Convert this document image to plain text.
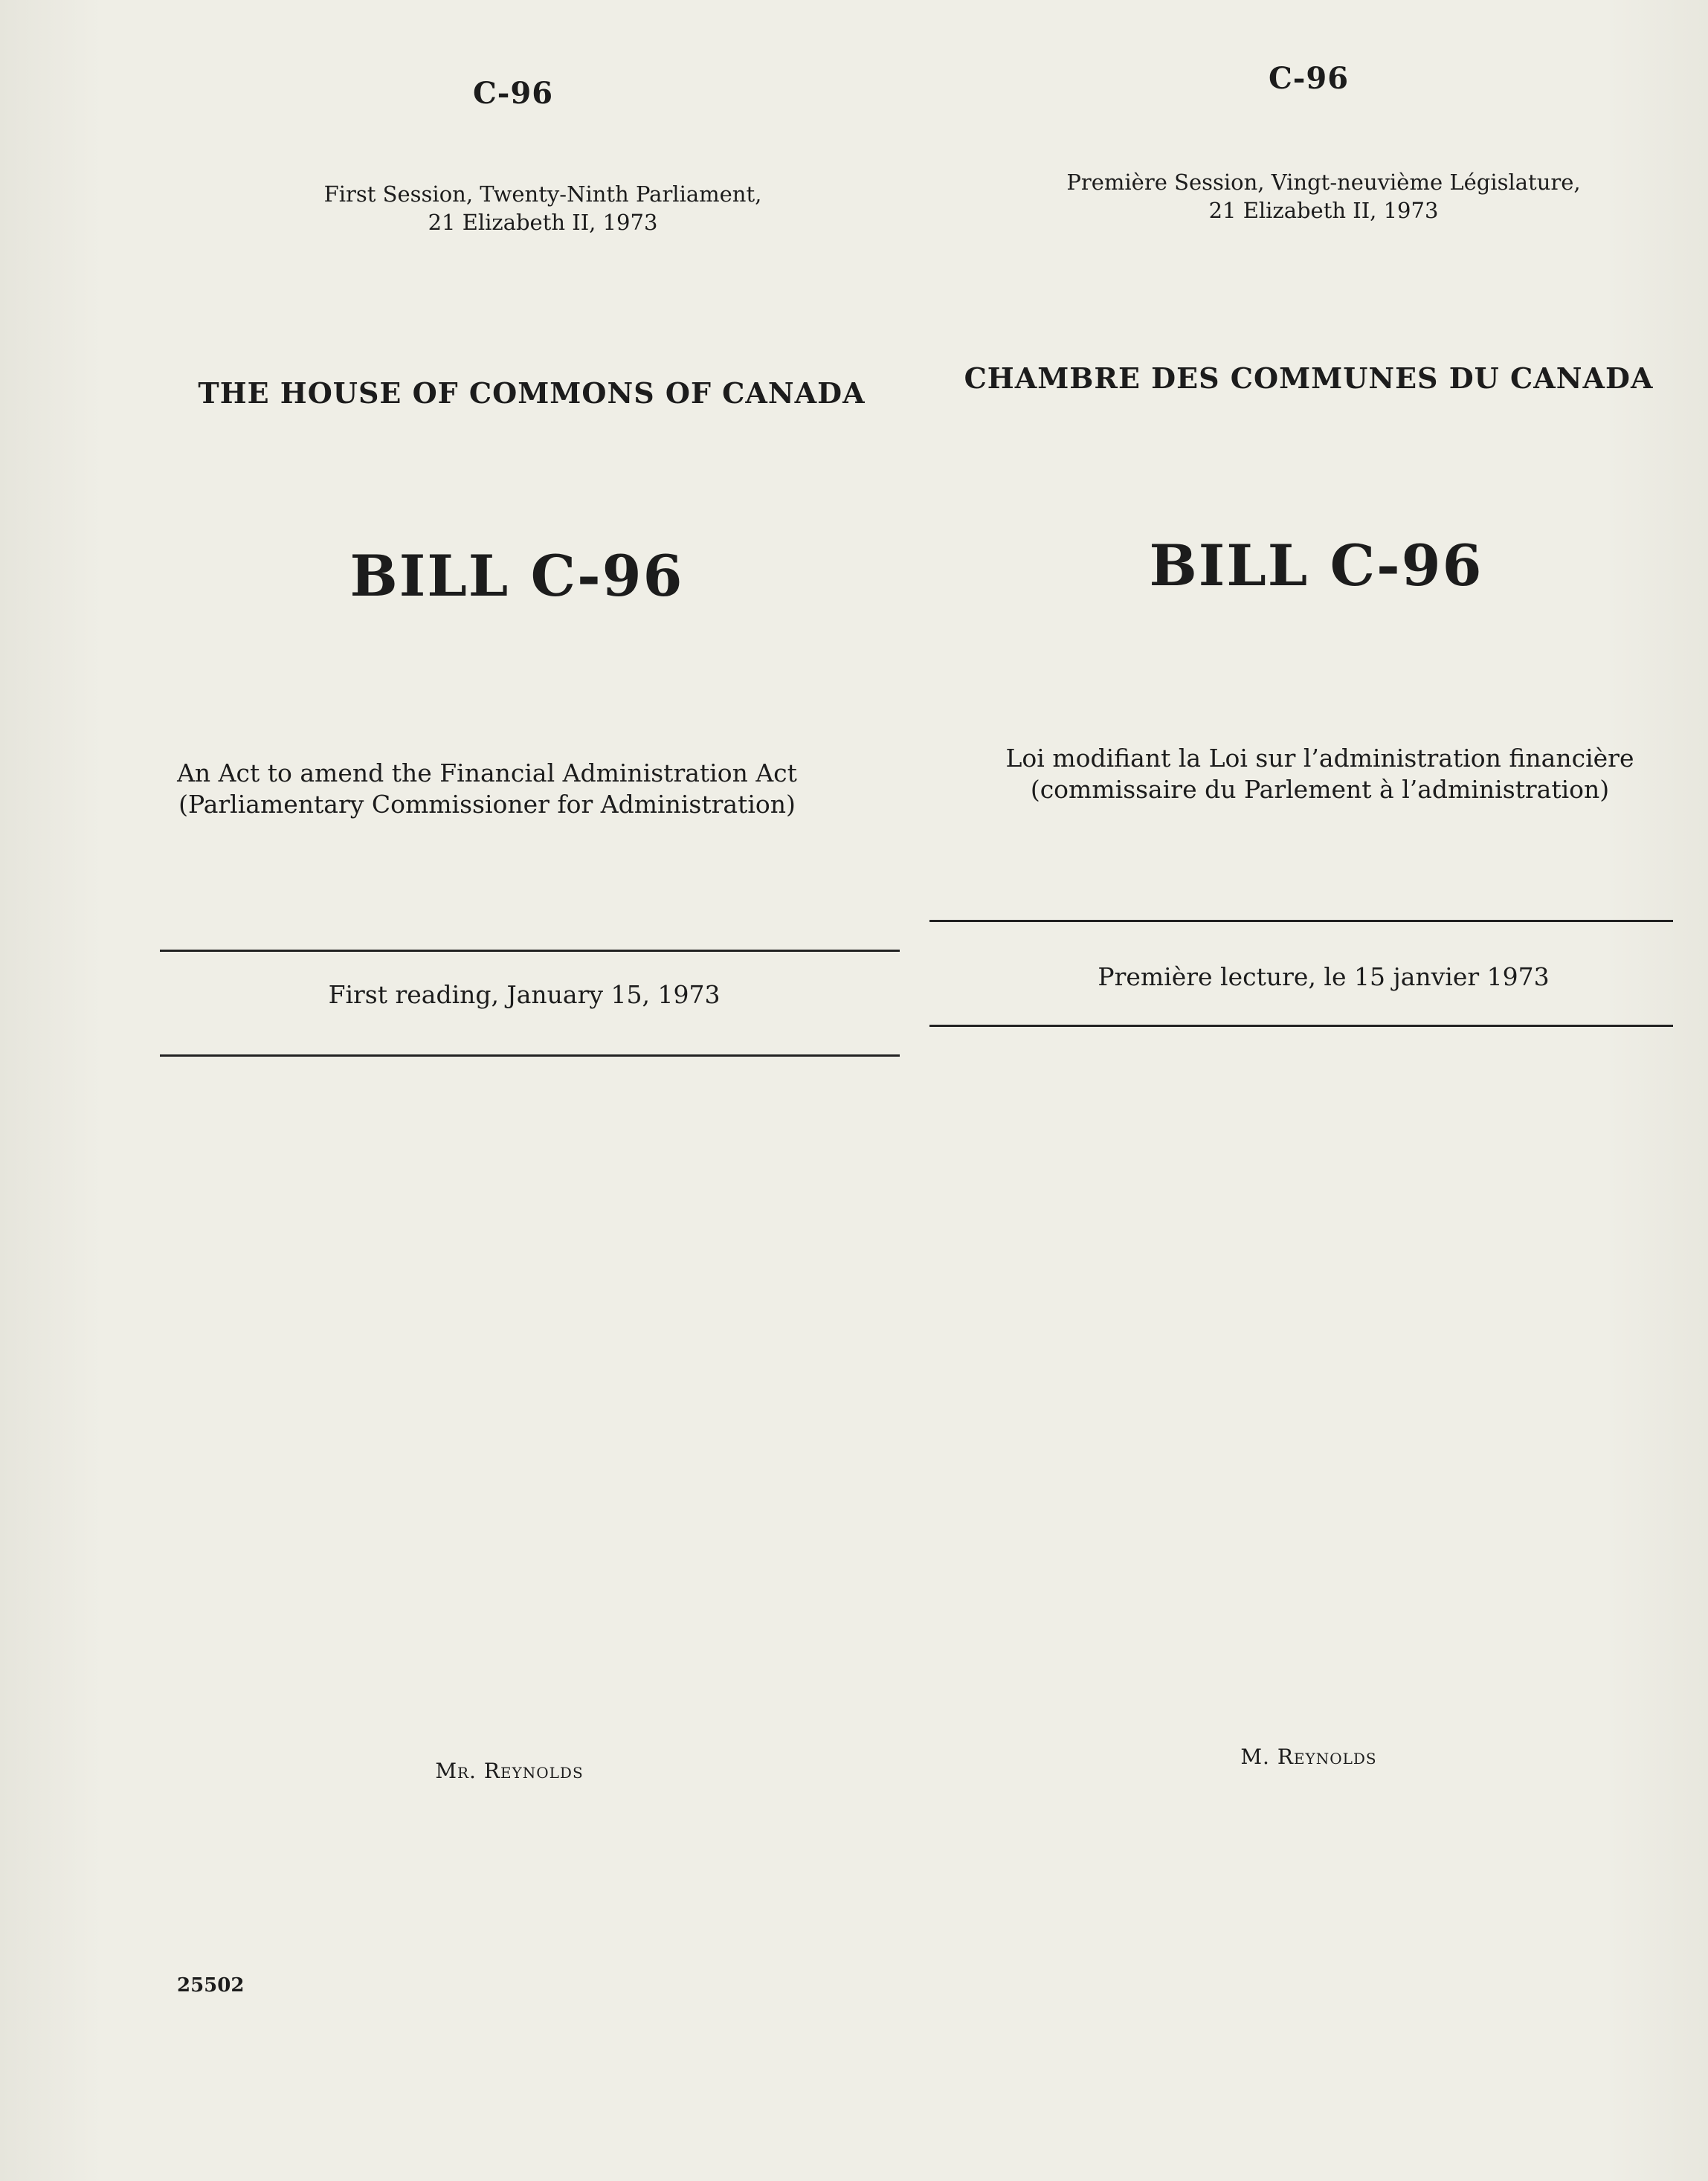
C-96
First Session, Twenty-Ninth Parliament,
21 Elizabeth II, 1973
THE HOUSE OF COMMONS OF CANADA
BILL C-96
An Act to amend the Financial Administration Act
(Parliamentary Commissioner for Administration)
First reading, January 15, 1973
Mr. Reynolds
C-96
Première Session, Vingt-neuvième Législature,
21 Elizabeth II, 1973
CHAMBRE DES COMMUNES DU CANADA
BILL C-96
Loi modifiant la Loi sur l’administration financière
(commissaire du Parlement à l’administration)
Première lecture, le 15 janvier 1973
M. Reynolds
25502
